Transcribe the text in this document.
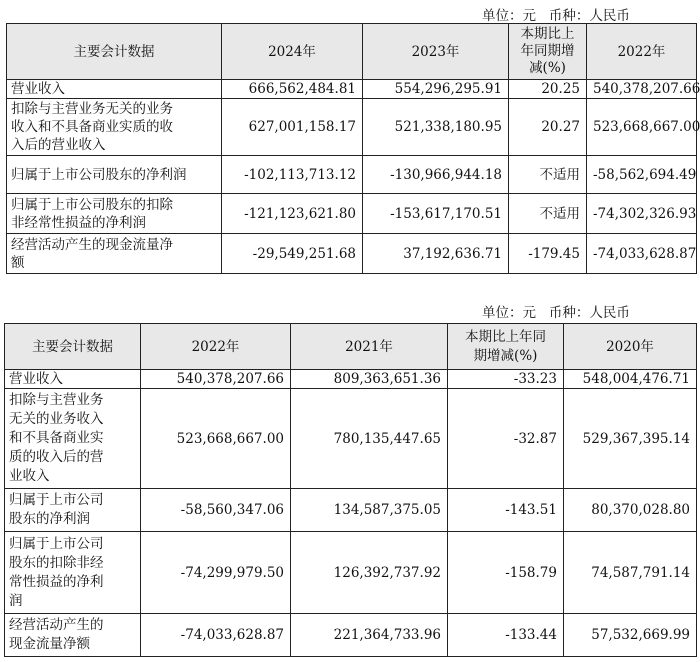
单位：元   币种：人民币
主要会计数据	2024年	2023年	本期比上
年同期增
减(%)	2022年

营业收入	666,562,484.81	554,296,295.91	20.25	540,378,207.66

扣除与主营业务无关的业务
收入和不具备商业实质的收
入后的营业收入	627,001,158.17	521,338,180.95	20.27	523,668,667.00

归属于上市公司股东的净利润	-102,113,713.12	-130,966,944.18	不适用	-58,562,694.49

归属于上市公司股东的扣除
非经常性损益的净利润	-121,123,621.80	-153,617,170.51	不适用	-74,302,326.93

经营活动产生的现金流量净
额	-29,549,251.68	37,192,636.71	-179.45	-74,033,628.87
单位：元   币种：人民币
主要会计数据	2022年	2021年	本期比上年同
期增减(%)	2020年

营业收入	540,378,207.66	809,363,651.36	-33.23	548,004,476.71

扣除与主营业务
无关的业务收入
和不具备商业实
质的收入后的营
业收入	523,668,667.00	780,135,447.65	-32.87	529,367,395.14

归属于上市公司
股东的净利润	-58,560,347.06	134,587,375.05	-143.51	80,370,028.80

归属于上市公司
股东的扣除非经
常性损益的净利
润	-74,299,979.50	126,392,737.92	-158.79	74,587,791.14

经营活动产生的
现金流量净额	-74,033,628.87	221,364,733.96	-133.44	57,532,669.99
